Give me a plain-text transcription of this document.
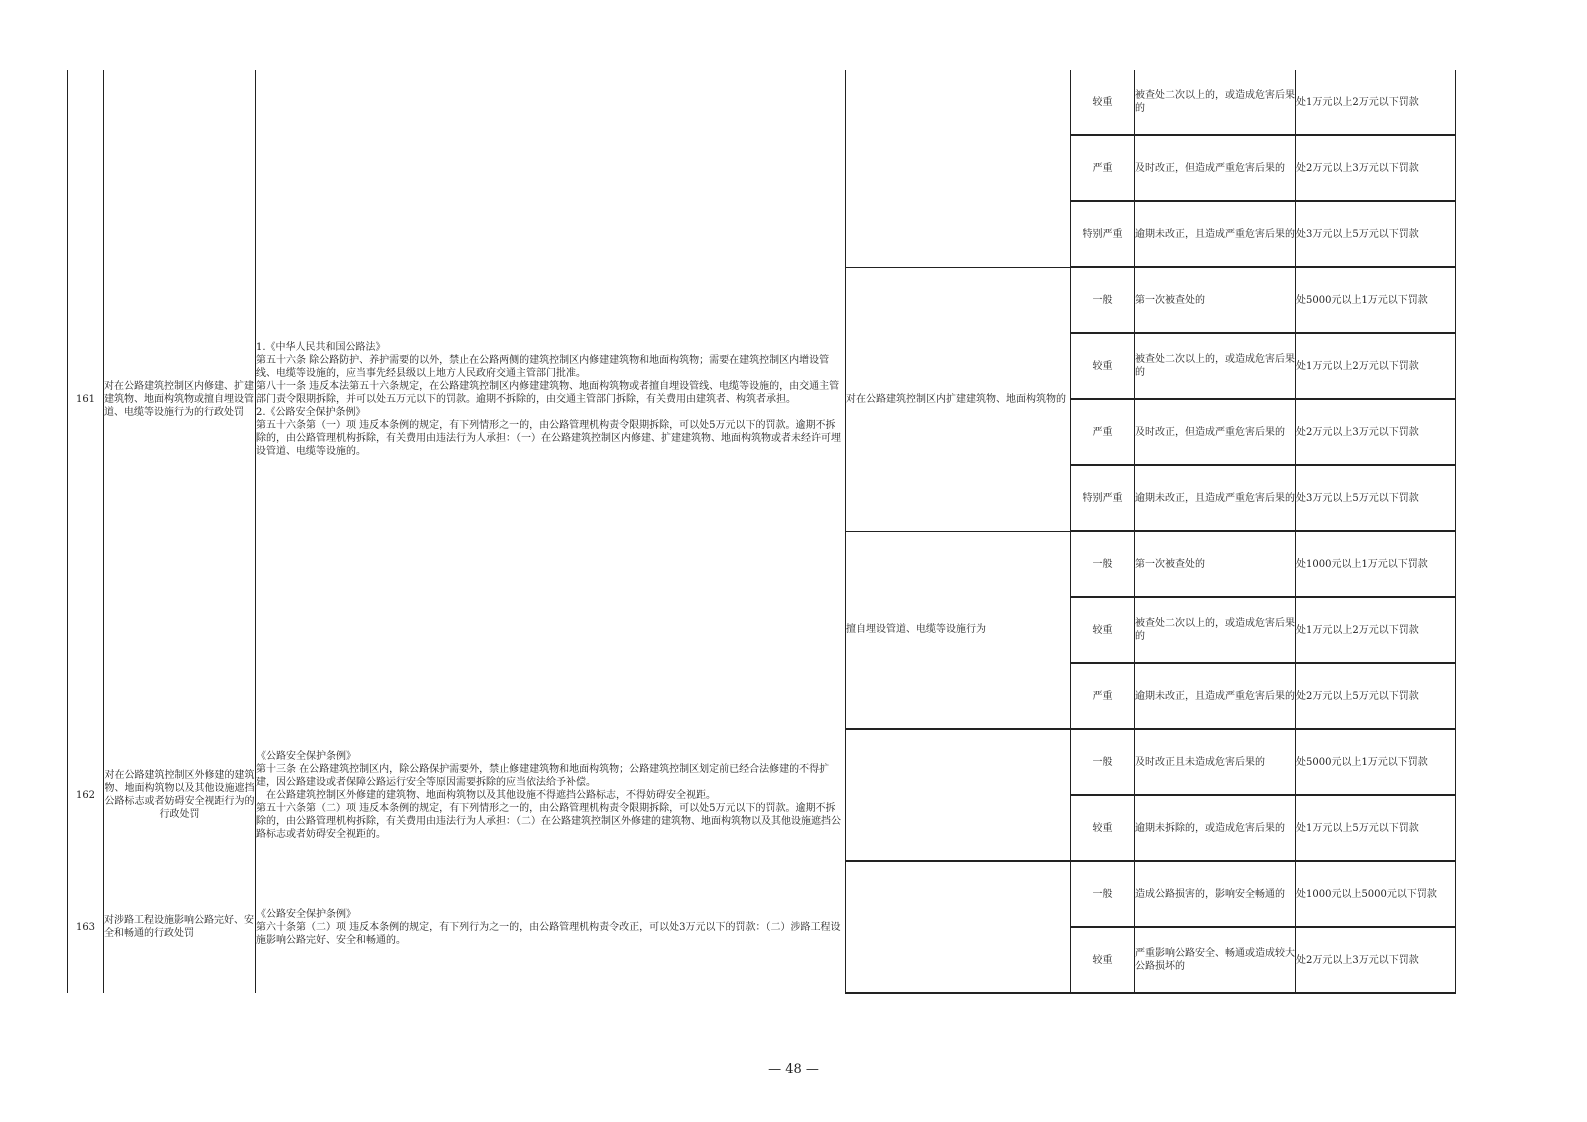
161	对在公路建筑控制区内修建、扩建建筑物、地面构筑物或擅自埋设管道、电缆等设施行为的行政处罚	1.《中华人民共和国公路法》

第五十六条 除公路防护、养护需要的以外，禁止在公路两侧的建筑控制区内修建建筑物和地面构筑物；需要在建筑控制区内增设管线、电缆等设施的，应当事先经县级以上地方人民政府交通主管部门批准。

第八十一条 违反本法第五十六条规定，在公路建筑控制区内修建建筑物、地面构筑物或者擅自埋设管线、电缆等设施的，由交通主管部门责令限期拆除，并可以处五万元以下的罚款。逾期不拆除的，由交通主管部门拆除，有关费用由建筑者、构筑者承担。

2.《公路安全保护条例》

第五十六条第（一）项 违反本条例的规定，有下列情形之一的，由公路管理机构责令限期拆除，可以处5万元以下的罚款。逾期不拆除的，由公路管理机构拆除，有关费用由违法行为人承担：（一）在公路建筑控制区内修建、扩建建筑物、地面构筑物或者未经许可埋设管道、电缆等设施的。		较重	被查处二次以上的，或造成危害后果的	处1万元以上2万元以下罚款
				严重	及时改正，但造成严重危害后果的	处2万元以上3万元以下罚款
				特别严重	逾期未改正，且造成严重危害后果的	处3万元以上5万元以下罚款
			对在公路建筑控制区内扩建建筑物、地面构筑物的	一般	第一次被查处的	处5000元以上1万元以下罚款
				较重	被查处二次以上的，或造成危害后果的	处1万元以上2万元以下罚款
				严重	及时改正，但造成严重危害后果的	处2万元以上3万元以下罚款
				特别严重	逾期未改正，且造成严重危害后果的	处3万元以上5万元以下罚款
			擅自埋设管道、电缆等设施行为	一般	第一次被查处的	处1000元以上1万元以下罚款
				较重	被查处二次以上的，或造成危害后果的	处1万元以上2万元以下罚款
				严重	逾期未改正，且造成严重危害后果的	处2万元以上5万元以下罚款
162	对在公路建筑控制区外修建的建筑物、地面构筑物以及其他设施遮挡公路标志或者妨碍安全视距行为的行政处罚	《公路安全保护条例》

第十三条 在公路建筑控制区内，除公路保护需要外，禁止修建建筑物和地面构筑物；公路建筑控制区划定前已经合法修建的不得扩建，因公路建设或者保障公路运行安全等原因需要拆除的应当依法给予补偿。

在公路建筑控制区外修建的建筑物、地面构筑物以及其他设施不得遮挡公路标志，不得妨碍安全视距。

第五十六条第（二）项 违反本条例的规定，有下列情形之一的，由公路管理机构责令限期拆除，可以处5万元以下的罚款。逾期不拆除的，由公路管理机构拆除，有关费用由违法行为人承担：（二）在公路建筑控制区外修建的建筑物、地面构筑物以及其他设施遮挡公路标志或者妨碍安全视距的。		一般	及时改正且未造成危害后果的	处5000元以上1万元以下罚款
				较重	逾期未拆除的，或造成危害后果的	处1万元以上5万元以下罚款
163	对涉路工程设施影响公路完好、安全和畅通的行政处罚	《公路安全保护条例》

第六十条第（二）项 违反本条例的规定，有下列行为之一的，由公路管理机构责令改正，可以处3万元以下的罚款：（二）涉路工程设施影响公路完好、安全和畅通的。		一般	造成公路损害的，影响安全畅通的	处1000元以上5000元以下罚款
				较重	严重影响公路安全、畅通或造成较大公路损坏的	处2万元以上3万元以下罚款
— 48 —
